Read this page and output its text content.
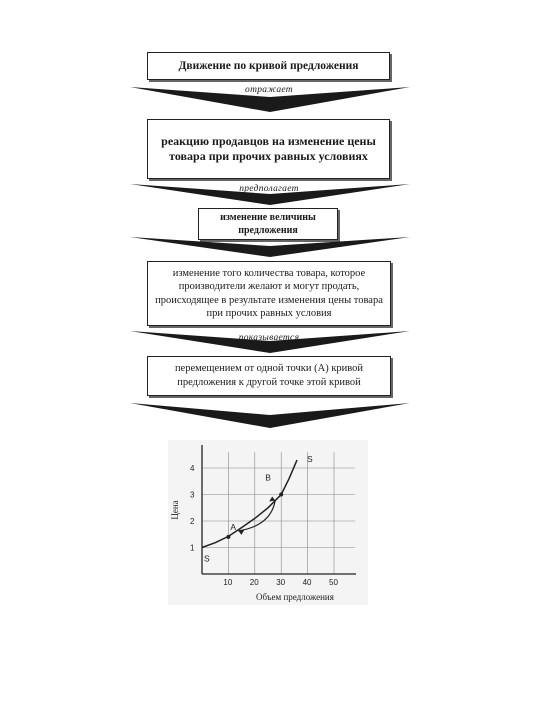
Движение по кривой предложения
отражает
реакцию продавцов на изменение цены товара при прочих равных условиях
предполагает
изменение величины предложения
изменение того количества товара, которое производители желают и могут продать, происходящее в результате изменения цены товара при прочих равных условия
показывается
перемещением от одной точки (А) кривой предложения к другой точке этой кривой
10 20 30 40 50
1
2
3
4
Объем предложения
Цена
A
B
S
S
